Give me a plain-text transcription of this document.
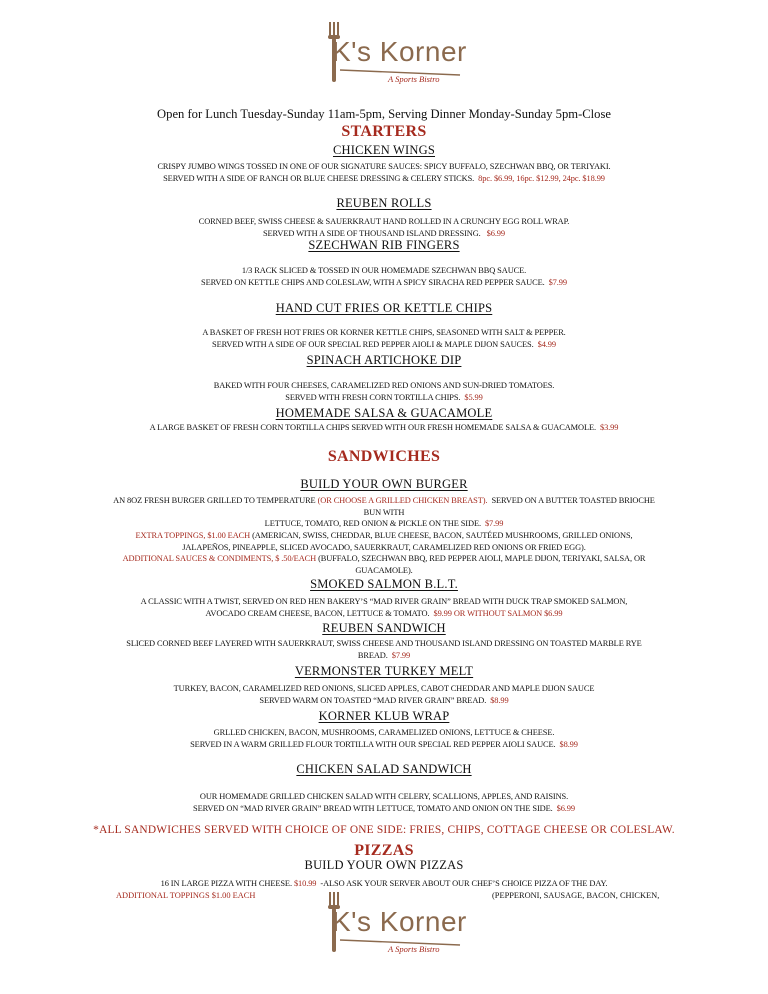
K's Korner
A Sports Bistro
Open for Lunch Tuesday-Sunday 11am-5pm, Serving Dinner Monday-Sunday 5pm-Close
STARTERS
CHICKEN WINGS
CRISPY JUMBO WINGS TOSSED IN ONE OF OUR SIGNATURE SAUCES: SPICY BUFFALO, SZECHWAN BBQ, OR TERIYAKI.
SERVED WITH A SIDE OF RANCH OR BLUE CHEESE DRESSING & CELERY STICKS. 8pc. $6.99, 16pc. $12.99, 24pc. $18.99
REUBEN ROLLS
CORNED BEEF, SWISS CHEESE & SAUERKRAUT HAND ROLLED IN A CRUNCHY EGG ROLL WRAP.
SERVED WITH A SIDE OF THOUSAND ISLAND DRESSING. $6.99
SZECHWAN RIB FINGERS
1/3 RACK SLICED & TOSSED IN OUR HOMEMADE SZECHWAN BBQ SAUCE.
SERVED ON KETTLE CHIPS AND COLESLAW, WITH A SPICY SIRACHA RED PEPPER SAUCE. $7.99
HAND CUT FRIES OR KETTLE CHIPS
A BASKET OF FRESH HOT FRIES OR KORNER KETTLE CHIPS, SEASONED WITH SALT & PEPPER.
SERVED WITH A SIDE OF OUR SPECIAL RED PEPPER AIOLI & MAPLE DIJON SAUCES. $4.99
SPINACH ARTICHOKE DIP
BAKED WITH FOUR CHEESES, CARAMELIZED RED ONIONS AND SUN-DRIED TOMATOES.
SERVED WITH FRESH CORN TORTILLA CHIPS. $5.99
HOMEMADE SALSA & GUACAMOLE
A LARGE BASKET OF FRESH CORN TORTILLA CHIPS SERVED WITH OUR FRESH HOMEMADE SALSA & GUACAMOLE. $3.99
SANDWICHES
BUILD YOUR OWN BURGER
AN 8OZ FRESH BURGER GRILLED TO TEMPERATURE (OR CHOOSE A GRILLED CHICKEN BREAST). SERVED ON A BUTTER TOASTED BRIOCHE
BUN WITH
LETTUCE, TOMATO, RED ONION & PICKLE ON THE SIDE. $7.99
EXTRA TOPPINGS, $1.00 EACH (AMERICAN, SWISS, CHEDDAR, BLUE CHEESE, BACON, SAUTÉED MUSHROOMS, GRILLED ONIONS,
JALAPEÑOS, PINEAPPLE, SLICED AVOCADO, SAUERKRAUT, CARAMELIZED RED ONIONS OR FRIED EGG).
ADDITIONAL SAUCES & CONDIMENTS, $ .50/EACH (BUFFALO, SZECHWAN BBQ, RED PEPPER AIOLI, MAPLE DIJON, TERIYAKI, SALSA, OR
GUACAMOLE).
SMOKED SALMON B.L.T.
A CLASSIC WITH A TWIST, SERVED ON RED HEN BAKERY’S “MAD RIVER GRAIN” BREAD WITH DUCK TRAP SMOKED SALMON,
AVOCADO CREAM CHEESE, BACON, LETTUCE & TOMATO. $9.99 OR WITHOUT SALMON $6.99
REUBEN SANDWICH
SLICED CORNED BEEF LAYERED WITH SAUERKRAUT, SWISS CHEESE AND THOUSAND ISLAND DRESSING ON TOASTED MARBLE RYE
BREAD. $7.99
VERMONSTER TURKEY MELT
TURKEY, BACON, CARAMELIZED RED ONIONS, SLICED APPLES, CABOT CHEDDAR AND MAPLE DIJON SAUCE
SERVED WARM ON TOASTED “MAD RIVER GRAIN” BREAD. $8.99
KORNER KLUB WRAP
GRLLED CHICKEN, BACON, MUSHROOMS, CARAMELIZED ONIONS, LETTUCE & CHEESE.
SERVED IN A WARM GRILLED FLOUR TORTILLA WITH OUR SPECIAL RED PEPPER AIOLI SAUCE. $8.99
CHICKEN SALAD SANDWICH
OUR HOMEMADE GRILLED CHICKEN SALAD WITH CELERY, SCALLIONS, APPLES, AND RAISINS.
SERVED ON “MAD RIVER GRAIN” BREAD WITH LETTUCE, TOMATO AND ONION ON THE SIDE. $6.99
*ALL SANDWICHES SERVED WITH CHOICE OF ONE SIDE: FRIES, CHIPS, COTTAGE CHEESE OR COLESLAW.
PIZZAS
BUILD YOUR OWN PIZZAS
16 IN LARGE PIZZA WITH CHEESE. $10.99 -ALSO ASK YOUR SERVER ABOUT OUR CHEF’S CHOICE PIZZA OF THE DAY.
ADDITIONAL TOPPINGS $1.00 EACH	(PEPPERONI, SAUSAGE, BACON, CHICKEN,
K's Korner
A Sports Bistro
